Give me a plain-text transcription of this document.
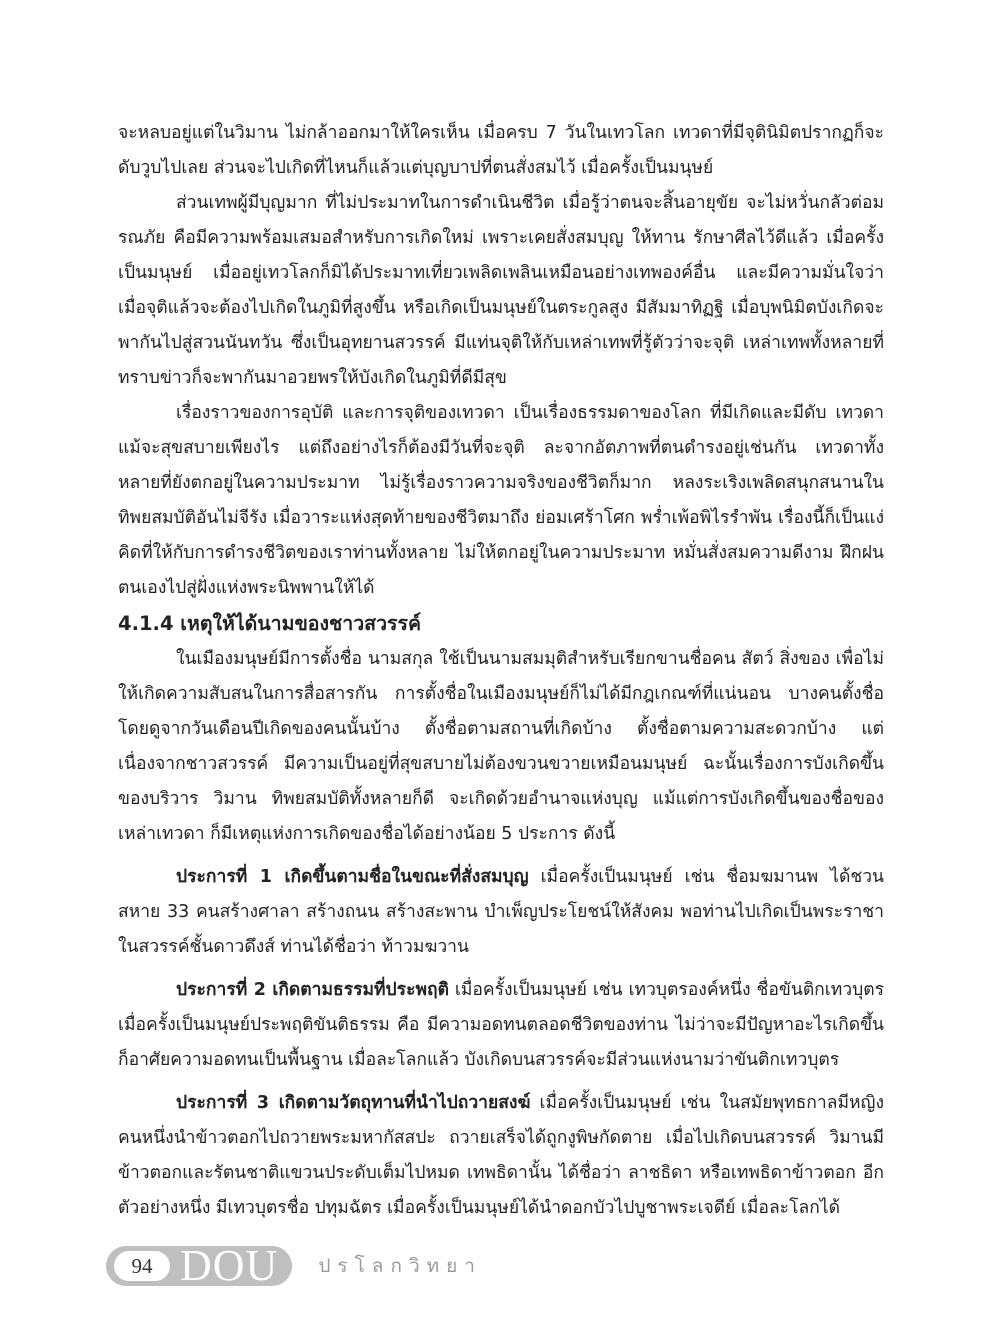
จะหลบอยู่แต่ในวิมาน ไม่กล้าออกมาให้ใครเห็น เมื่อครบ 7 วันในเทวโลก เทวดาที่มีจุตินิมิตปรากฏก็จะดับวูบไปเลย ส่วนจะไปเกิดที่ไหนก็แล้วแต่บุญบาปที่ตนสั่งสมไว้ เมื่อครั้งเป็นมนุษย์

ส่วนเทพผู้มีบุญมาก ที่ไม่ประมาทในการดำเนินชีวิต เมื่อรู้ว่าตนจะสิ้นอายุขัย จะไม่หวั่นกลัวต่อมรณภัย คือมีความพร้อมเสมอสำหรับการเกิดใหม่ เพราะเคยสั่งสมบุญ ให้ทาน รักษาศีลไว้ดีแล้ว เมื่อครั้งเป็นมนุษย์ เมื่ออยู่เทวโลกก็มิได้ประมาทเที่ยวเพลิดเพลินเหมือนอย่างเทพองค์อื่น และมีความมั่นใจว่า เมื่อจุติแล้วจะต้องไปเกิดในภูมิที่สูงขึ้น หรือเกิดเป็นมนุษย์ในตระกูลสูง มีสัมมาทิฏฐิ เมื่อบุพนิมิตบังเกิดจะพากันไปสู่สวนนันทวัน ซึ่งเป็นอุทยานสวรรค์ มีแท่นจุติให้กับเหล่าเทพที่รู้ตัวว่าจะจุติ เหล่าเทพทั้งหลายที่ทราบข่าวก็จะพากันมาอวยพรให้บังเกิดในภูมิที่ดีมีสุข

เรื่องราวของการอุบัติ และการจุติของเทวดา เป็นเรื่องธรรมดาของโลก ที่มีเกิดและมีดับ เทวดาแม้จะสุขสบายเพียงไร แต่ถึงอย่างไรก็ต้องมีวันที่จะจุติ ละจากอัตภาพที่ตนดำรงอยู่เช่นกัน เทวดาทั้งหลายที่ยังตกอยู่ในความประมาท ไม่รู้เรื่องราวความจริงของชีวิตก็มาก หลงระเริงเพลิดสนุกสนานในทิพยสมบัติอันไม่จีรัง เมื่อวาระแห่งสุดท้ายของชีวิตมาถึง ย่อมเศร้าโศก พร่ำเพ้อพิไรรำพัน เรื่องนี้ก็เป็นแง่คิดที่ให้กับการดำรงชีวิตของเราท่านทั้งหลาย ไม่ให้ตกอยู่ในความประมาท หมั่นสั่งสมความดีงาม ฝึกฝนตนเองไปสู่ฝั่งแห่งพระนิพพานให้ได้

4.1.4 เหตุให้ได้นามของชาวสวรรค์

ในเมืองมนุษย์มีการตั้งชื่อ นามสกุล ใช้เป็นนามสมมุติสำหรับเรียกขานชื่อคน สัตว์ สิ่งของ เพื่อไม่ให้เกิดความสับสนในการสื่อสารกัน การตั้งชื่อในเมืองมนุษย์ก็ไม่ได้มีกฎเกณฑ์ที่แน่นอน บางคนตั้งชื่อโดยดูจากวันเดือนปีเกิดของคนนั้นบ้าง ตั้งชื่อตามสถานที่เกิดบ้าง ตั้งชื่อตามความสะดวกบ้าง แต่เนื่องจากชาวสวรรค์ มีความเป็นอยู่ที่สุขสบายไม่ต้องขวนขวายเหมือนมนุษย์ ฉะนั้นเรื่องการบังเกิดขึ้นของบริวาร วิมาน ทิพยสมบัติทั้งหลายก็ดี จะเกิดด้วยอำนาจแห่งบุญ แม้แต่การบังเกิดขึ้นของชื่อของเหล่าเทวดา ก็มีเหตุแห่งการเกิดของชื่อได้อย่างน้อย 5 ประการ ดังนี้

ประการที่ 1 เกิดขึ้นตามชื่อในขณะที่สั่งสมบุญ เมื่อครั้งเป็นมนุษย์ เช่น ชื่อมฆมานพ ได้ชวนสหาย 33 คนสร้างศาลา สร้างถนน สร้างสะพาน บำเพ็ญประโยชน์ให้สังคม พอท่านไปเกิดเป็นพระราชาในสวรรค์ชั้นดาวดึงส์ ท่านได้ชื่อว่า ท้าวมฆวาน

ประการที่ 2 เกิดตามธรรมที่ประพฤติ เมื่อครั้งเป็นมนุษย์ เช่น เทวบุตรองค์หนึ่ง ชื่อขันติกเทวบุตร เมื่อครั้งเป็นมนุษย์ประพฤติขันติธรรม คือ มีความอดทนตลอดชีวิตของท่าน ไม่ว่าจะมีปัญหาอะไรเกิดขึ้น ก็อาศัยความอดทนเป็นพื้นฐาน เมื่อละโลกแล้ว บังเกิดบนสวรรค์จะมีส่วนแห่งนามว่าขันติกเทวบุตร

ประการที่ 3 เกิดตามวัตถุทานที่นำไปถวายสงฆ์ เมื่อครั้งเป็นมนุษย์ เช่น ในสมัยพุทธกาลมีหญิงคนหนึ่งนำข้าวตอกไปถวายพระมหากัสสปะ ถวายเสร็จได้ถูกงูพิษกัดตาย เมื่อไปเกิดบนสวรรค์ วิมานมีข้าวตอกและรัตนชาติแขวนประดับเต็มไปหมด เทพธิดานั้น ได้ชื่อว่า ลาชธิดา หรือเทพธิดาข้าวตอก อีกตัวอย่างหนึ่ง มีเทวบุตรชื่อ ปทุมฉัตร เมื่อครั้งเป็นมนุษย์ได้นำดอกบัวไปบูชาพระเจดีย์ เมื่อละโลกได้

94 DOU ปรโลกวิทยา
